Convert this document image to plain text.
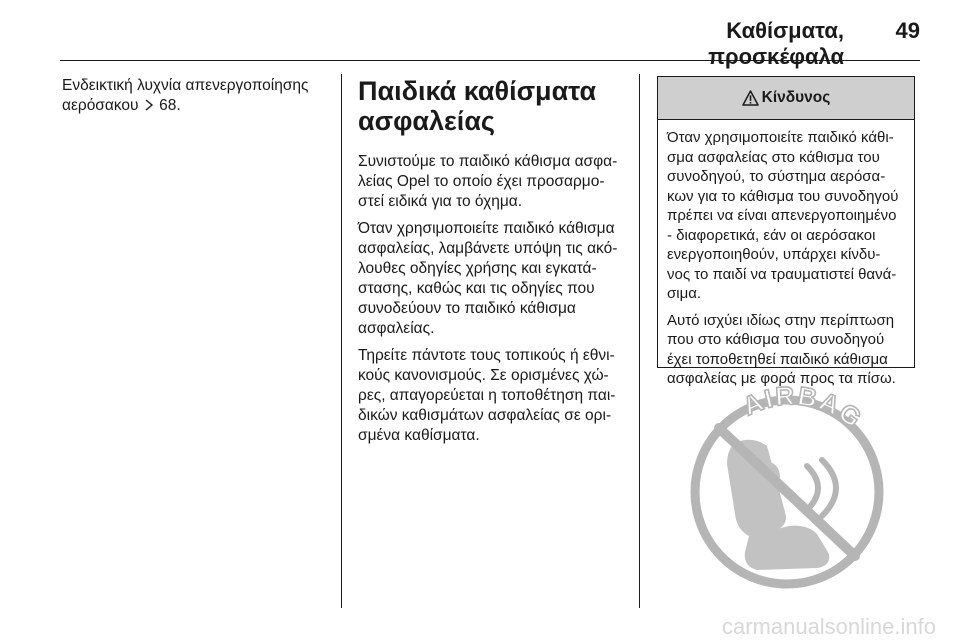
Καθίσματα, προσκέφαλα
49
Ενδεικτική λυχνία απενεργοποίησης
αερόσακου 68.	Παιδικά καθίσματα
ασφαλείας

Συνιστούμε το παιδικό κάθισμα ασφα-
λείας Opel το οποίο έχει προσαρμο-
στεί ειδικά για το όχημα.

Όταν χρησιμοποιείτε παιδικό κάθισμα
ασφαλείας, λαμβάνετε υπόψη τις ακό-
λουθες οδηγίες χρήσης και εγκατά-
στασης, καθώς και τις οδηγίες που
συνοδεύουν το παιδικό κάθισμα
ασφαλείας.

Τηρείτε πάντοτε τους τοπικούς ή εθνι-
κούς κανονισμούς. Σε ορισμένες χώ-
ρες, απαγορεύεται η τοποθέτηση παι-
δικών καθισμάτων ασφαλείας σε ορι-
σμένα καθίσματα.

Κίνδυνος

Όταν χρησιμοποιείτε παιδικό κάθι-
σμα ασφαλείας στο κάθισμα του
συνοδηγού, το σύστημα αερόσα-
κων για το κάθισμα του συνοδηγού
πρέπει να είναι απενεργοποιημένο
- διαφορετικά, εάν οι αερόσακοι
ενεργοποιηθούν, υπάρχει κίνδυ-
νος το παιδί να τραυματιστεί θανά-
σιμα.

Αυτό ισχύει ιδίως στην περίπτωση
που στο κάθισμα του συνοδηγού
έχει τοποθετηθεί παιδικό κάθισμα
ασφαλείας με φορά προς τα πίσω.

AIRBAG
carmanualsonline.info
